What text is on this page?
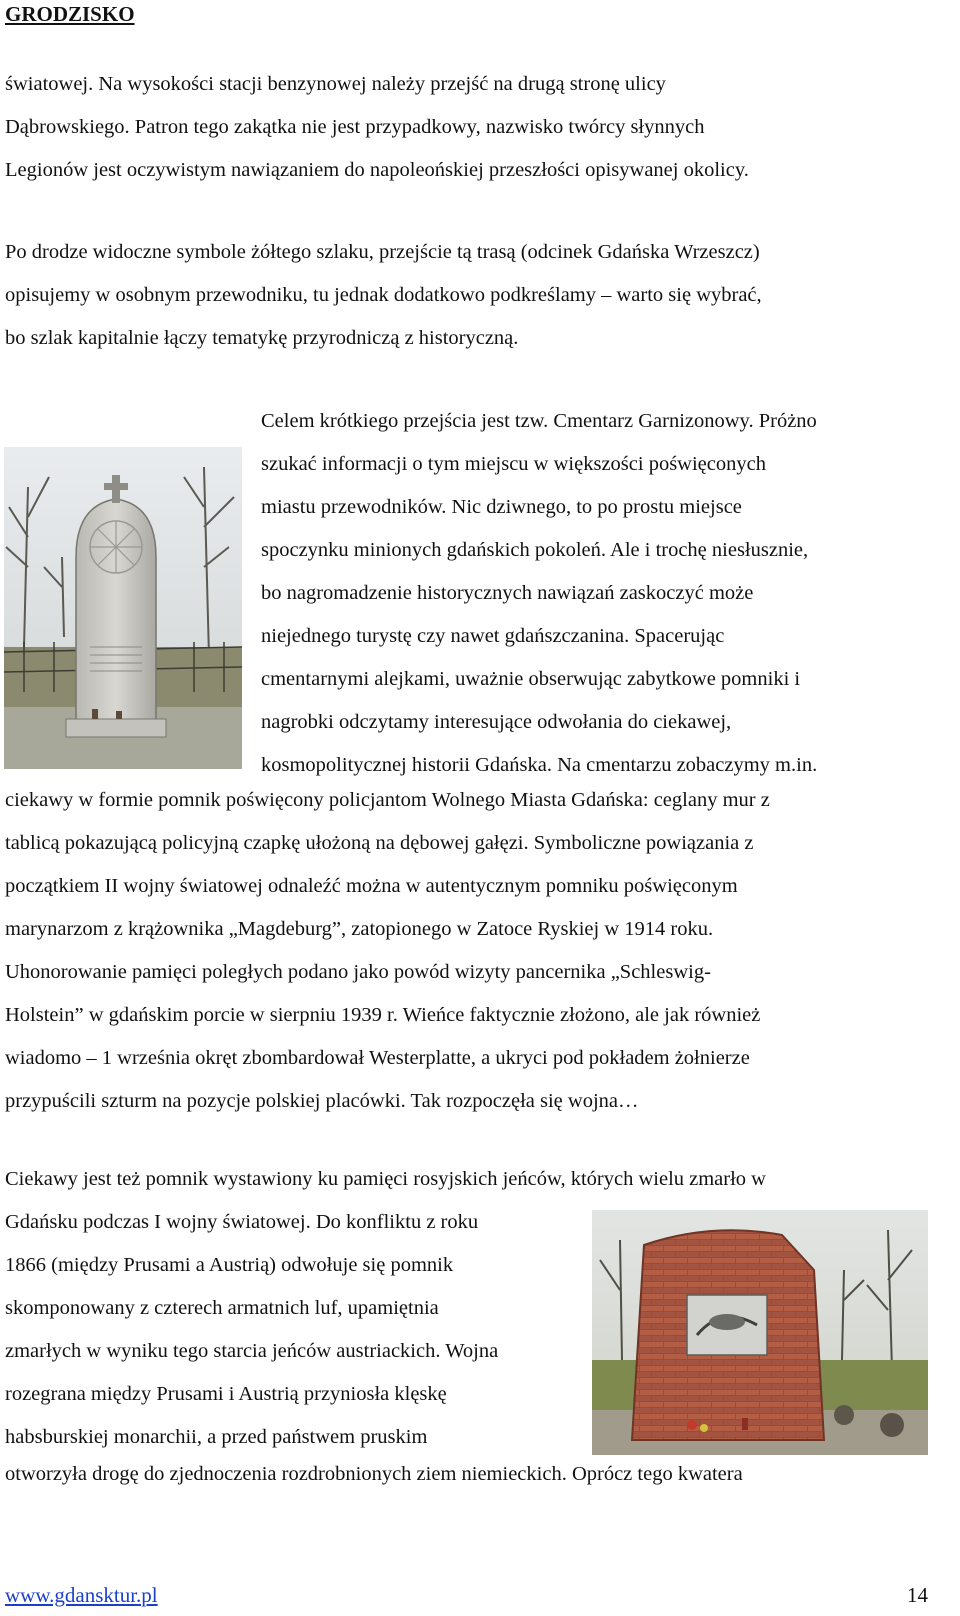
GRODZISKO

światowej. Na wysokości stacji benzynowej należy przejść na drugą stronę ulicy
Dąbrowskiego. Patron tego zakątka nie jest przypadkowy, nazwisko twórcy słynnych
Legionów jest oczywistym nawiązaniem do napoleońskiej przeszłości opisywanej okolicy.

Po drodze widoczne symbole żółtego szlaku, przejście tą trasą (odcinek Gdańska Wrzeszcz)
opisujemy w osobnym przewodniku, tu jednak dodatkowo podkreślamy – warto się wybrać,
bo szlak kapitalnie łączy tematykę przyrodniczą z historyczną.

Celem krótkiego przejścia jest tzw. Cmentarz Garnizonowy. Próżno
szukać informacji o tym miejscu w większości poświęconych
miastu przewodników. Nic dziwnego, to po prostu miejsce
spoczynku minionych gdańskich pokoleń. Ale i trochę niesłusznie,
bo nagromadzenie historycznych nawiązań zaskoczyć może
niejednego turystę czy nawet gdańszczanina. Spacerując
cmentarnymi alejkami, uważnie obserwując zabytkowe pomniki i
nagrobki odczytamy interesujące odwołania do ciekawej,
kosmopolitycznej historii Gdańska. Na cmentarzu zobaczymy m.in.

ciekawy w formie pomnik poświęcony policjantom Wolnego Miasta Gdańska: ceglany mur z
tablicą pokazującą policyjną czapkę ułożoną na dębowej gałęzi. Symboliczne powiązania z
początkiem II wojny światowej odnaleźć można w autentycznym pomniku poświęconym
marynarzom z krążownika „Magdeburg”, zatopionego w Zatoce Ryskiej w 1914 roku.
Uhonorowanie pamięci poległych podano jako powód wizyty pancernika „Schleswig-
Holstein” w gdańskim porcie w sierpniu 1939 r. Wieńce faktycznie złożono, ale jak również
wiadomo – 1 września okręt zbombardował Westerplatte, a ukryci pod pokładem żołnierze
przypuścili szturm na pozycje polskiej placówki. Tak rozpoczęła się wojna…

Ciekawy jest też pomnik wystawiony ku pamięci rosyjskich jeńców, których wielu zmarło w

Gdańsku podczas I wojny światowej. Do konfliktu z roku
1866 (między Prusami a Austrią) odwołuje się pomnik
skomponowany z czterech armatnich luf, upamiętnia
zmarłych w wyniku tego starcia jeńców austriackich. Wojna
rozegrana między Prusami i Austrią przyniosła klęskę
habsburskiej monarchii, a przed państwem pruskim

otworzyła drogę do zjednoczenia rozdrobnionych ziem niemieckich. Oprócz tego kwatera

www.gdansktur.pl	14
